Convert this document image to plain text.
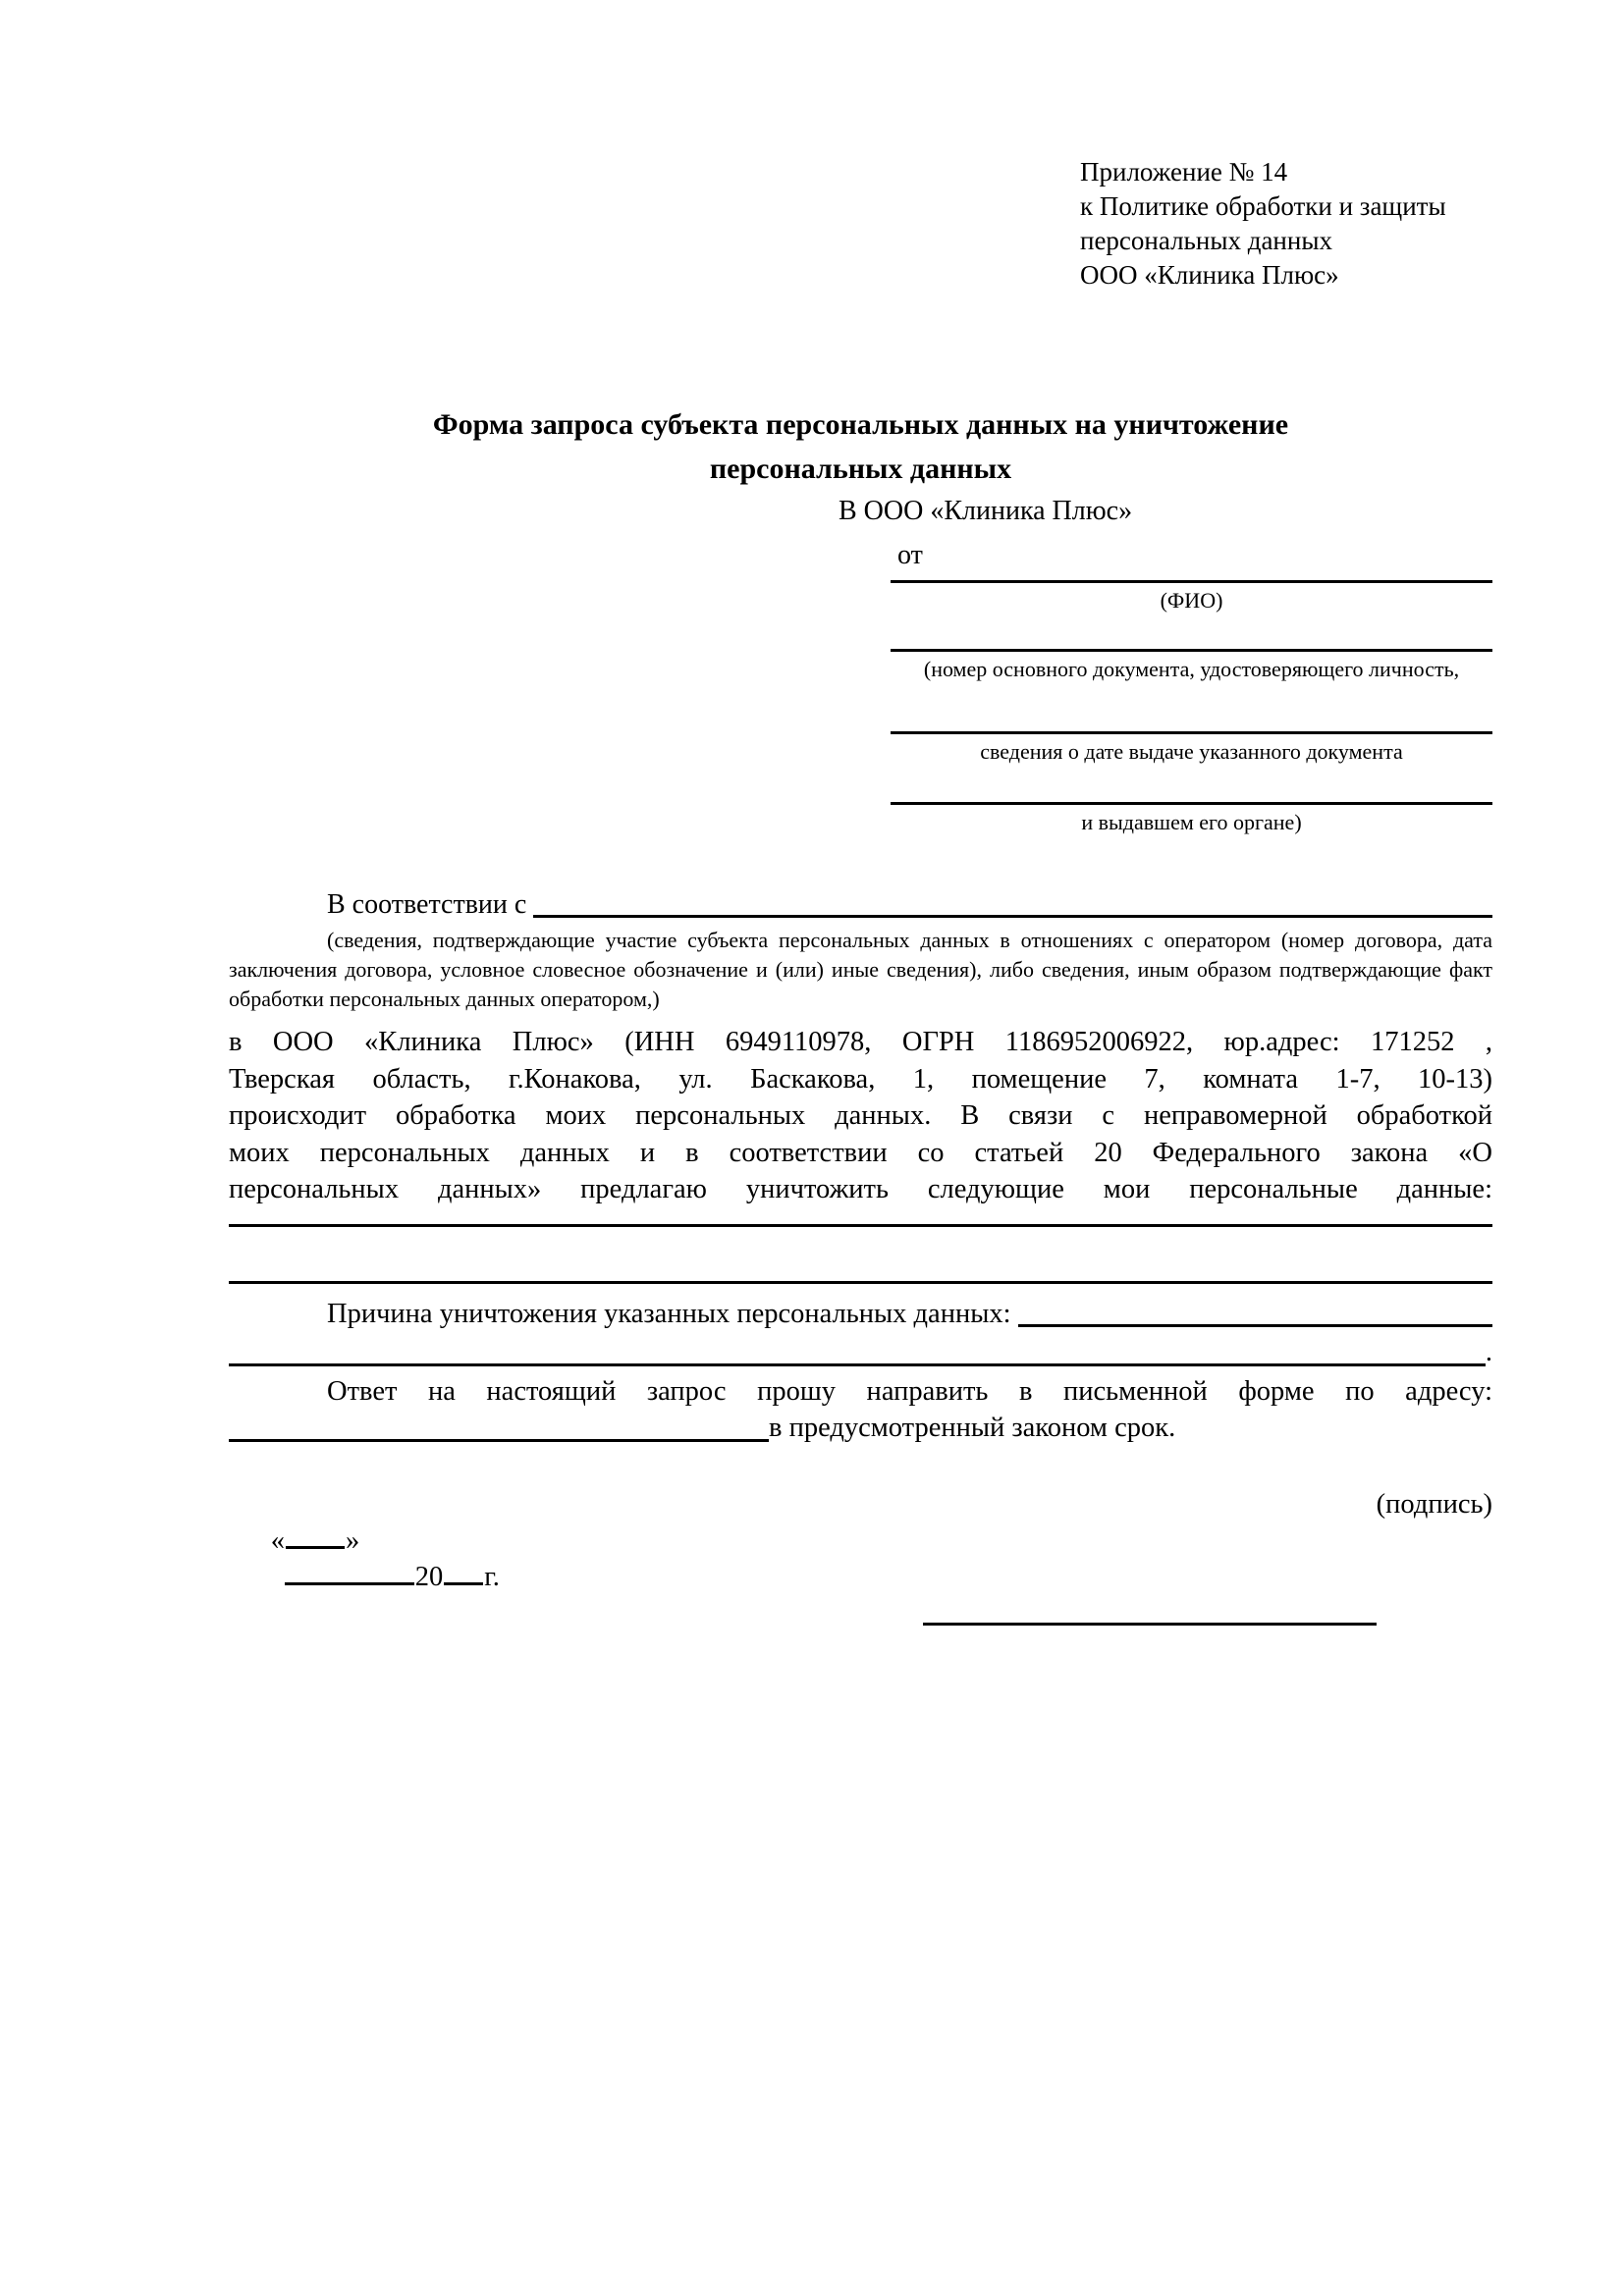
Приложение № 14
к Политике обработки и защиты
персональных данных
ООО «Клиника Плюс»
Форма запроса субъекта персональных данных на уничтожение
персональных данных
В ООО «Клиника Плюс»
от
(ФИО)
(номер основного документа, удостоверяющего личность,
сведения о дате выдаче указанного документа
и выдавшем его органе)
В соответствии с
(сведения, подтверждающие участие субъекта персональных данных в отношениях с оператором (номер договора, дата заключения договора, условное словесное обозначение и (или) иные сведения), либо сведения, иным образом подтверждающие факт обработки персональных данных оператором,)
в ООО «Клиника Плюс» (ИНН 6949110978, ОГРН 1186952006922, юр.адрес: 171252 ,
Тверская область, г.Конакова, ул. Баскакова, 1, помещение 7, комната 1-7, 10-13)
происходит обработка моих персональных данных. В связи с неправомерной обработкой
моих персональных данных и в соответствии со статьей 20 Федерального закона «О
персональных данных» предлагаю уничтожить следующие мои персональные данные:
Причина уничтожения указанных персональных данных:
.
Ответ на настоящий запрос прошу направить в письменной форме по адресу:
в предусмотренный законом срок.

« »
20 г.

(подпись)
